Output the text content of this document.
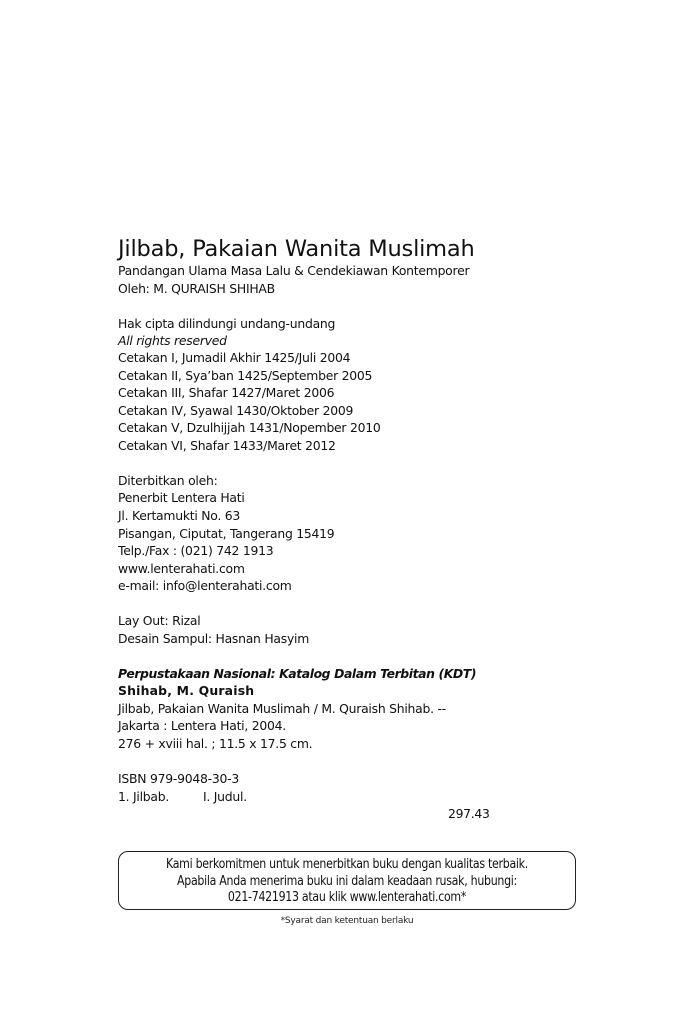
Jilbab, Pakaian Wanita Muslimah
Pandangan Ulama Masa Lalu & Cendekiawan Kontemporer
Oleh: M. QURAISH SHIHAB
Hak cipta dilindungi undang-undang
All rights reserved
Cetakan I, Jumadil Akhir 1425/Juli 2004
Cetakan II, Sya’ban 1425/September 2005
Cetakan III, Shafar 1427/Maret 2006
Cetakan IV, Syawal 1430/Oktober 2009
Cetakan V, Dzulhijjah 1431/Nopember 2010
Cetakan VI, Shafar 1433/Maret 2012
Diterbitkan oleh:
Penerbit Lentera Hati
Jl. Kertamukti No. 63
Pisangan, Ciputat, Tangerang 15419
Telp./Fax : (021) 742 1913
www.lenterahati.com
e-mail: info@lenterahati.com
Lay Out: Rizal
Desain Sampul: Hasnan Hasyim
Perpustakaan Nasional: Katalog Dalam Terbitan (KDT)
Shihab, M. Quraish
Jilbab, Pakaian Wanita Muslimah / M. Quraish Shihab. --
Jakarta : Lentera Hati, 2004.
276 + xviii hal. ; 11.5 x 17.5 cm.
ISBN 979-9048-30-3
1. Jilbab.	I. Judul.
297.43
Kami berkomitmen untuk menerbitkan buku dengan kualitas terbaik.
Apabila Anda menerima buku ini dalam keadaan rusak, hubungi:
021-7421913 atau klik www.lenterahati.com*
*Syarat dan ketentuan berlaku
